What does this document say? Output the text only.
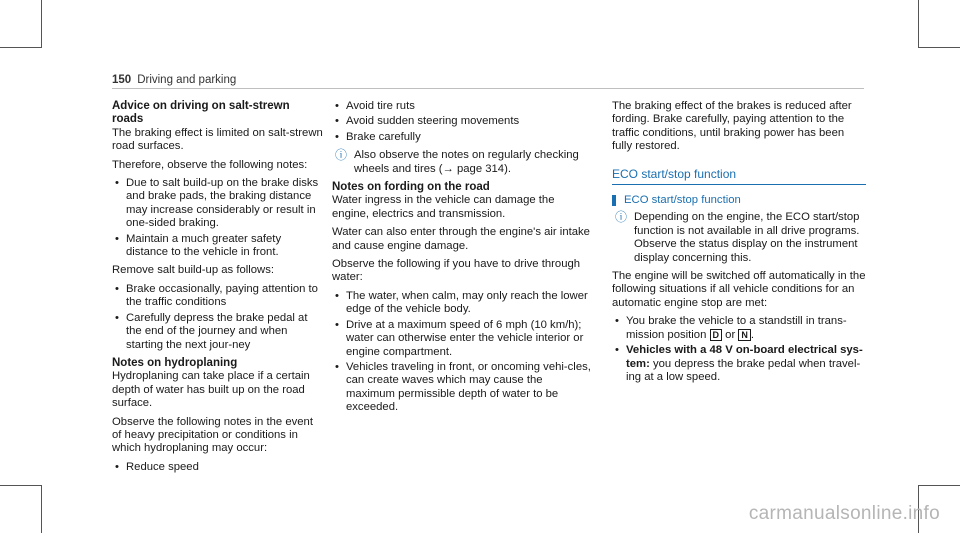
150 Driving and parking
Advice on driving on salt-strewn roads

The braking effect is limited on salt-strewn road surfaces.

Therefore, observe the following notes:

• Due to salt build-up on the brake disks and brake pads, the braking distance may increase considerably or result in one-sided braking.
• Maintain a much greater safety distance to the vehicle in front.

Remove salt build-up as follows:

• Brake occasionally, paying attention to the traffic conditions
• Carefully depress the brake pedal at the end of the journey and when starting the next jour-ney
Notes on hydroplaning

Hydroplaning can take place if a certain depth of water has built up on the road surface.

Observe the following notes in the event of heavy precipitation or conditions in which hydroplaning may occur:

• Reduce speed
• Avoid tire ruts
• Avoid sudden steering movements
• Brake carefully
ⓘ Also observe the notes on regularly checking wheels and tires (→ page 314).
Notes on fording on the road

Water ingress in the vehicle can damage the engine, electrics and transmission.

Water can also enter through the engine's air intake and cause engine damage.

Observe the following if you have to drive through water:

• The water, when calm, may only reach the lower edge of the vehicle body.
• Drive at a maximum speed of 6 mph (10 km/h); water can otherwise enter the vehicle interior or engine compartment.
• Vehicles traveling in front, or oncoming vehi-cles, can create waves which may cause the maximum permissible depth of water to be exceeded.

The braking effect of the brakes is reduced after fording. Brake carefully, paying attention to the traffic conditions, until braking power has been fully restored.

ECO start/stop function
ECO start/stop function
ⓘ Depending on the engine, the ECO start/stop function is not available in all drive programs. Observe the status display on the instrument display concerning this.

The engine will be switched off automatically in the following situations if all vehicle conditions for an automatic engine stop are met:

• You brake the vehicle to a standstill in trans-mission position D or N .
• Vehicles with a 48 V on-board electrical sys-tem: you depress the brake pedal when travel-ing at a low speed.
carmanualsonline.info
